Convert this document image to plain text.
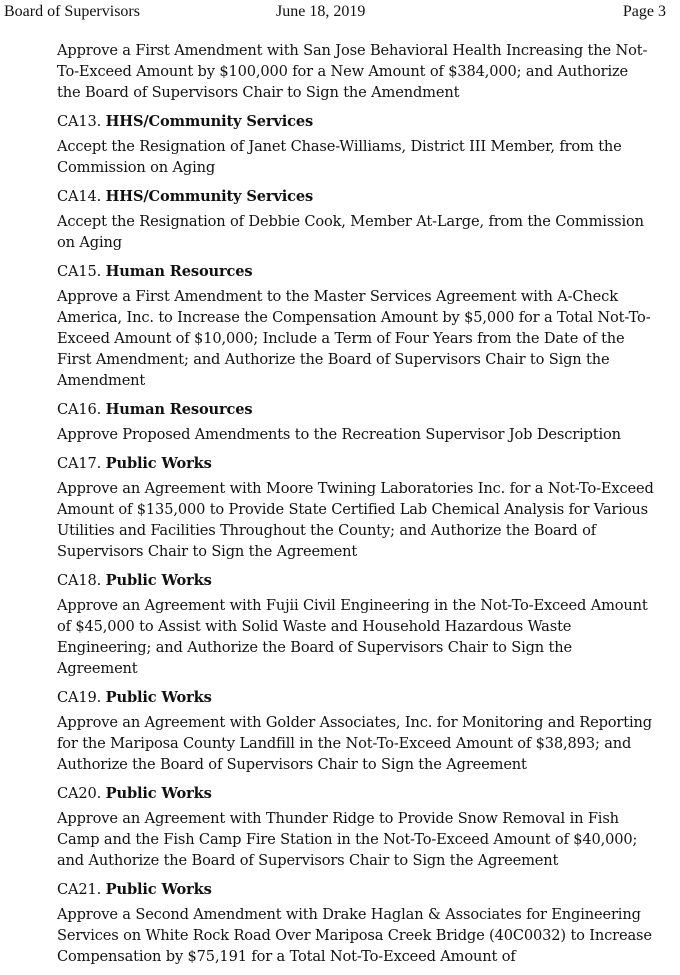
Board of Supervisors	June 18, 2019	Page 3

Approve a First Amendment with San Jose Behavioral Health Increasing the Not-To-Exceed Amount by $100,000 for a New Amount of $384,000; and Authorize the Board of Supervisors Chair to Sign the Amendment

CA13. HHS/Community Services

Accept the Resignation of Janet Chase-Williams, District III Member, from the Commission on Aging

CA14. HHS/Community Services

Accept the Resignation of Debbie Cook, Member At-Large, from the Commission on Aging

CA15. Human Resources

Approve a First Amendment to the Master Services Agreement with A-Check America, Inc. to Increase the Compensation Amount by $5,000 for a Total Not-To-Exceed Amount of $10,000; Include a Term of Four Years from the Date of the First Amendment; and Authorize the Board of Supervisors Chair to Sign the Amendment

CA16. Human Resources

Approve Proposed Amendments to the Recreation Supervisor Job Description

CA17. Public Works

Approve an Agreement with Moore Twining Laboratories Inc. for a Not-To-Exceed Amount of $135,000 to Provide State Certified Lab Chemical Analysis for Various Utilities and Facilities Throughout the County; and Authorize the Board of Supervisors Chair to Sign the Agreement

CA18. Public Works

Approve an Agreement with Fujii Civil Engineering in the Not-To-Exceed Amount of $45,000 to Assist with Solid Waste and Household Hazardous Waste Engineering; and Authorize the Board of Supervisors Chair to Sign the Agreement

CA19. Public Works

Approve an Agreement with Golder Associates, Inc. for Monitoring and Reporting for the Mariposa County Landfill in the Not-To-Exceed Amount of $38,893; and Authorize the Board of Supervisors Chair to Sign the Agreement

CA20. Public Works

Approve an Agreement with Thunder Ridge to Provide Snow Removal in Fish Camp and the Fish Camp Fire Station in the Not-To-Exceed Amount of $40,000; and Authorize the Board of Supervisors Chair to Sign the Agreement

CA21. Public Works

Approve a Second Amendment with Drake Haglan & Associates for Engineering Services on White Rock Road Over Mariposa Creek Bridge (40C0032) to Increase Compensation by $75,191 for a Total Not-To-Exceed Amount of
